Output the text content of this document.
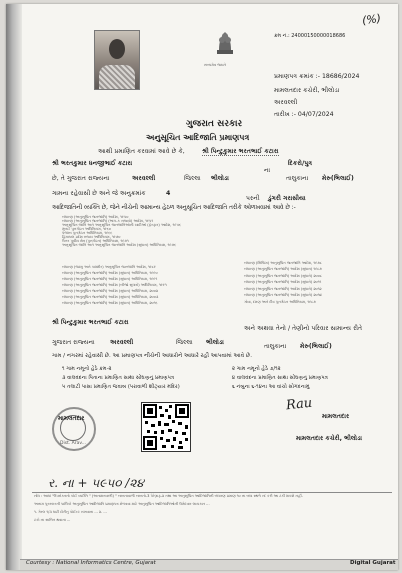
ક્રમ નં.: 24000150000018686
(%)
સત્યમેવ જયતે
પ્રમાણપત્ર ક્રમાંક :- 18686/2024
મામલતદાર કચેરી, ભીલોડા
અરવલ્લી
તારીખ :- 04/07/2024
ગુજરાત સરકાર
અનુસૂચિત આદિજાતિ પ્રમાણપત્ર
આથી પ્રમાણિત કરવામાં આવે છે કે,	શ્રી પિન્ટુકુમાર ભરતભાઈ કટારા
શ્રી ભરતકુમાર ધનજીભાઈ કટારા
ના
દિકરો/પુત્ર
છે, તે ગુજરાત રાજ્યના	અરવલ્લી	જિલ્લા ભીલોડા	તાલુકાના મેરુ(ભિલાઈ)
ગામના રહેવાસી છે અને જે અનુક્રમાંક	4
પરની ડુંગરી ગરાસીયા
આદિજાતિની વ્યક્તિ છે, જેને નીચેની આમાન્ય હેઠળ અનુસૂચિત આદિજાતિ તરીકે ઓળખવામાં આવે છે :-
બંધારણ (અનુસૂચિત જનજાતિ) આદેશ, ૧૯૫૦
બંધારણ (અનુસૂચિત જનજાતિ) (ભાગ-ક રાજ્યો) આદેશ, ૧૯૫૧
અનુસૂચિત જાતિ અને અનુસૂચિત જનજાતિઓની યાદીઓ (ફેરફાર) આદેશ, ૧૯૫૬
મુંબઈ પુનર્ગઠન અધિનિયમ, ૧૯૬૦
પંજાબ પુનર્ગઠન અધિનિયમ, ૧૯૬૬
હિમાચલ પ્રદેશ રાજ્ય અધિનિયમ, ૧૯૭૦
ઉત્તર પૂર્વીય ક્ષેત્ર (પુનર્ગઠન) અધિનિયમ, ૧૯૭૧
અનુસૂચિત જાતિ અને અનુસૂચિત જનજાતિ આદેશ (સુધારા) અધિનિયમ, ૧૯૭૬
બંધારણ (જમ્મુ અને કાશ્મીર) અનુસૂચિત જનજાતિ આદેશ, ૧૯૮૯
બંધારણ (અનુસૂચિત જનજાતિ) આદેશ (સુધારા) અધિનિયમ, ૧૯૯૦
બંધારણ (અનુસૂચિત જનજાતિ) આદેશ (સુધારા) અધિનિયમ, ૧૯૯૧
બંધારણ (અનુસૂચિત જનજાતિ) આદેશ (બીજો સુધારો) અધિનિયમ, ૧૯૯૧
બંધારણ (અનુસૂચિત જનજાતિ) આદેશ (સુધારા) અધિનિયમ, ૨૦૦૨
બંધારણ (અનુસૂચિત જનજાતિ) આદેશ (સુધારા) અધિનિયમ, ૨૦૦૩
બંધારણ (અનુસૂચિત જનજાતિ) આદેશ (સુધારા) અધિનિયમ, ૨૦૧૬
બંધારણ (સિક્કિમ) અનુસૂચિત જનજાતિ આદેશ, ૧૯૭૮
બંધારણ (અનુસૂચિત જનજાતિ) આદેશ (સુધારા) ૧૯૮૭
બંધારણ (અનુસૂચિત જનજાતિ) આદેશ (સુધારો) ૨૦૦૮
બંધારણ (અનુસૂચિત જનજાતિ) આદેશ (સુધારો) ૨૦૧૧
બંધારણ (અનુસૂચિત જનજાતિ) આદેશ (સુધારો) ૨૦૧૨
બંધારણ (અનુસૂચિત જનજાતિ) આદેશ (સુધારો) ૨૦૧૪
ગોવા, દમણ અને દીવ પુનર્ગઠન અધિનિયમ, ૧૯૮૭
શ્રી પિન્ટુકુમાર ભરતભાઈ કટારા
અને અથવા તેનો / તેણીનો પરિવાર સામાન્ય રીતે
ગુજરાત રાજ્યના અરવલ્લી	જિલ્લા ભીલોડા
તાલુકાના મેરુ(ભિલાઈ)
ગામ / નગરમાં રહેવાસી છે. આ પ્રમાણપત્ર નીચેની આધારોને આધારે રહી આપવામાં આવે છે.
૧ ગામ નમૂનો હેઠે ક્રમ-૨	૨ ગામ નમૂનો હેઠે ૭/૧૨
૩ વાલવંદના પિતાના પ્રમાણિત સાથા સોંઘણનું પ્રમાણપત્ર	૪ વાલવંદના પ્રમાણિત સાથા સોંઘણનું પ્રમાણપત્ર
૫ તલાટી પાસા પ્રમાણિત જવાબ (પરાવાળી શીટ્યાર મંદિર)	૬ નંબુના ૬-૧૪ના આ વાંચો સોગંદનામું
મામલતદાર
Dist. Arav...
Rau
મામલતદાર
મામલતદાર કચેરી, ભીલોડા
ર. ના + ૫૯૫૦ /૨૪
નોંધ : આધાં "ઉપરોક્તનો કોઈ વ્યક્તિ " (અનામતવાળી) " બાબતાવાળી બાબતો-3 પેરેગ્રાફ-૨ તથા આ અનુસૂચિત આદિજાતિની બંધારણ પ્રમાણ ૧૦ ના બધા સ્થળે રદ કરી આ ટકી શકશે નહીં.
અનામ પુરસ્કારની પાલિકો અનુસૂચિત આદિજાતિ પ્રમાણપત્ર મેળવવા માટે અનુસૂચિત આદિજાતિઓની ઉમેદવાર લાયકાત ...
૧. ગેરલ ૧/૩ ધાટી દોરીનુ પોઈન્ટ રાખવાના ... ૨. ...
ટકો ના સાબિત થવાના ...
Courtesy : National Informatics Centre, Gujarat	Digital Gujarat
